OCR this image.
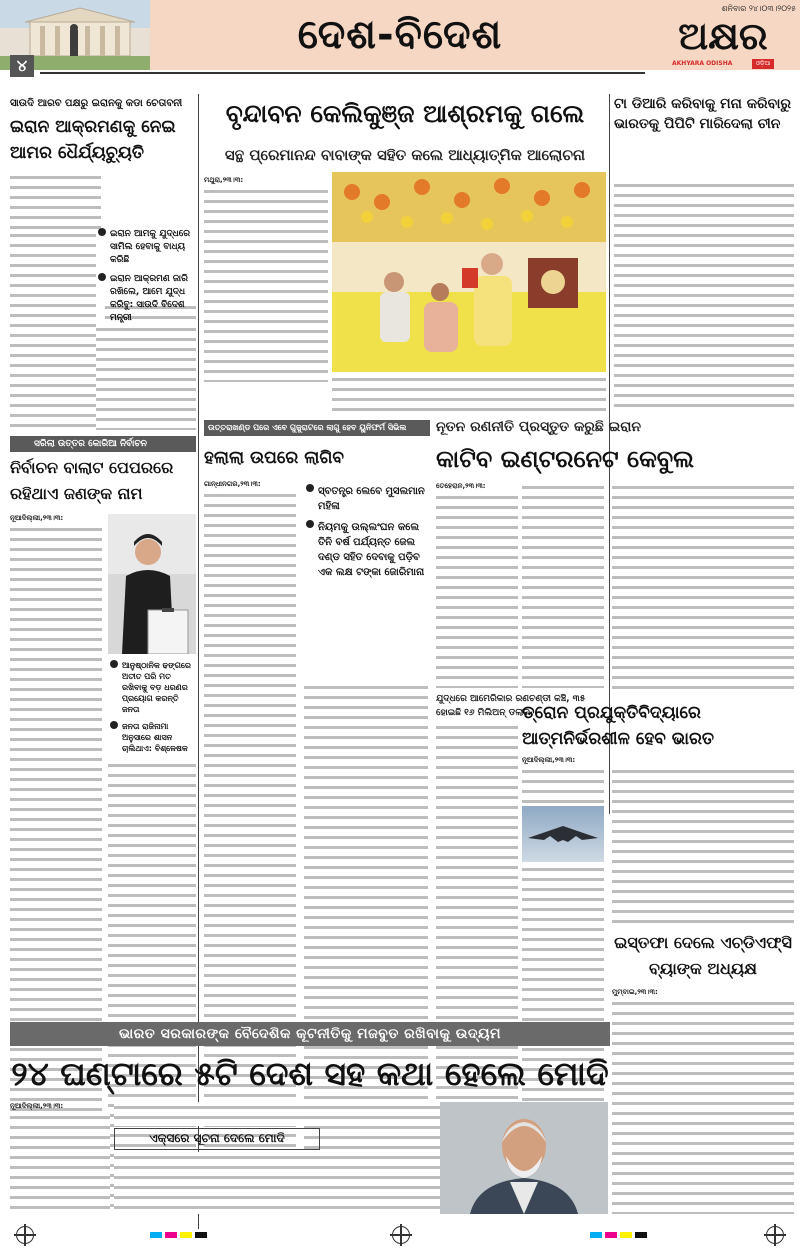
୪
ଦେଶ-ବିଦେଶ
ଶନିବାର ୨୪।୦୩।୨୦୨୫
ଅକ୍ଷର
AKHYARA ODISHA	ଓଡ଼ିଆ
ସାଉଦି ଆରବ ପକ୍ଷରୁ ଇରାନକୁ କଡା ଚେତାବନୀ
ଇରାନ ଆକ୍ରମଣକୁ ନେଇ ଆମର ଧୈର୍ଯ୍ୟଚ୍ୟୁତି
ଇରାନ ଆମକୁ ଯୁଦ୍ଧରେ ସାମିଲ ହେବାକୁ ବାଧ୍ୟ କରିଛି
ଇରାନ ଆକ୍ରମଣ ଜାରି ରଖିଲେ, ଆମେ ଯୁଦ୍ଧ କରିବୁ: ସାଉଦି ବିଦେଶ ମନ୍ତ୍ରୀ
ସରିଲା ଉତ୍ତର କୋରିଆ ନିର୍ବାଚନ
ନିର୍ବାଚନ ବାଲାଟ ପେପରରେ ରହିଥାଏ ଜଣଙ୍କ ନାମ
ନୂଆଦିଲ୍ଲୀ,୨୩।୩:
ଆନୁଷ୍ଠାନିକ ଢଙ୍ଗରେ ଅତୀତ ପରି ମତ ରଖିବାକୁ ବଡ଼ ଧରଣର ପ୍ରୟୋଗ କରନ୍ତି ଜନତା
ଜନତା ରାଜିନାମା ଅନୁସାରେ ଶାସନ ଚାଲିଥାଏ: ବିଶ୍ଳେଷକ
ବୃନ୍ଦାବନ କେଲିକୁଞ୍ଜ ଆଶ୍ରମକୁ ଗଲେ
ସନ୍ଥ ପ୍ରେମାନନ୍ଦ ବାବାଙ୍କ ସହିତ କଲେ ଆଧ୍ୟାତ୍ମିକ ଆଲୋଚନା
ମଥୁରା,୨୩।୩:
ଟା ଡିଆରି କରିବାକୁ ମନା କରିବାରୁ ଭାରତକୁ ପିପିଟି ମାରିଦେଲା ଚୀନ
ଉତ୍ତରାଖଣ୍ଡ ପରେ ଏବେ ଗୁଜୁରାଟରେ ଲାଗୁ ହେବ ୟୁନିଫର୍ମ ସିଭିଲ
ହଲାଲା ଉପରେ ଲାଗିବ
ଗାନ୍ଧୀନଗର,୨୩।୩:
ସ୍ବତନ୍ତ୍ର ଲେବେ ମୁସଲମାନ ମହିଳା
ନିୟମକୁ ଉଲ୍ଲଂଘନ କଲେ ତିନି ବର୍ଷ ପର୍ଯ୍ୟନ୍ତ ଜେଲ ଦଣ୍ଡ ସହିତ ଦେବାକୁ ପଡ଼ିବ ଏକ ଲକ୍ଷ ଟଙ୍କା ଜୋରିମାନା
ନୂତନ ରଣନୀତି ପ୍ରସ୍ତୁତ କରୁଛି ଇରାନ
କାଟିବ ଇଣ୍ଟରନେଟ କେବୁଲ
ତେହେରାନ,୨୩।୩:
ଯୁଦ୍ଧରେ ଆମେରିକାର ରଣଚଣ୍ଡୀ କଞ୍ଚି, ୩୫ ହୋଇଛି ୧୬ ମିଲିଅନ୍ ଡଲାର
ଡ୍ରୋନ ପ୍ରଯୁକ୍ତିବିଦ୍ୟାରେ ଆତ୍ମନିର୍ଭରଶୀଳ ହେବ ଭାରତ
ନୂଆଦିଲ୍ଲୀ,୨୩।୩:
ଇସ୍ତଫା ଦେଲେ ଏଚ୍‌ଡିଏଫ୍‌ସି ବ୍ୟାଙ୍କ ଅଧ୍ୟକ୍ଷ
ମୁମ୍ବାଇ,୨୩।୩:
ଭାରତ ସରକାରଙ୍କ ବୈଦେଶିକ କୂଟନୀତିକୁ ମଜବୁତ ରଖିବାକୁ ଉଦ୍ୟମ
୨୪ ଘଣ୍ଟାରେ ୫ଟି ଦେଶ ସହ କଥା ହେଲେ ମୋଦି
ନୂଆଦିଲ୍ଲୀ,୨୩।୩:
ଏକ୍ସରେ ସୂଚନା ଦେଲେ ମୋଦି
